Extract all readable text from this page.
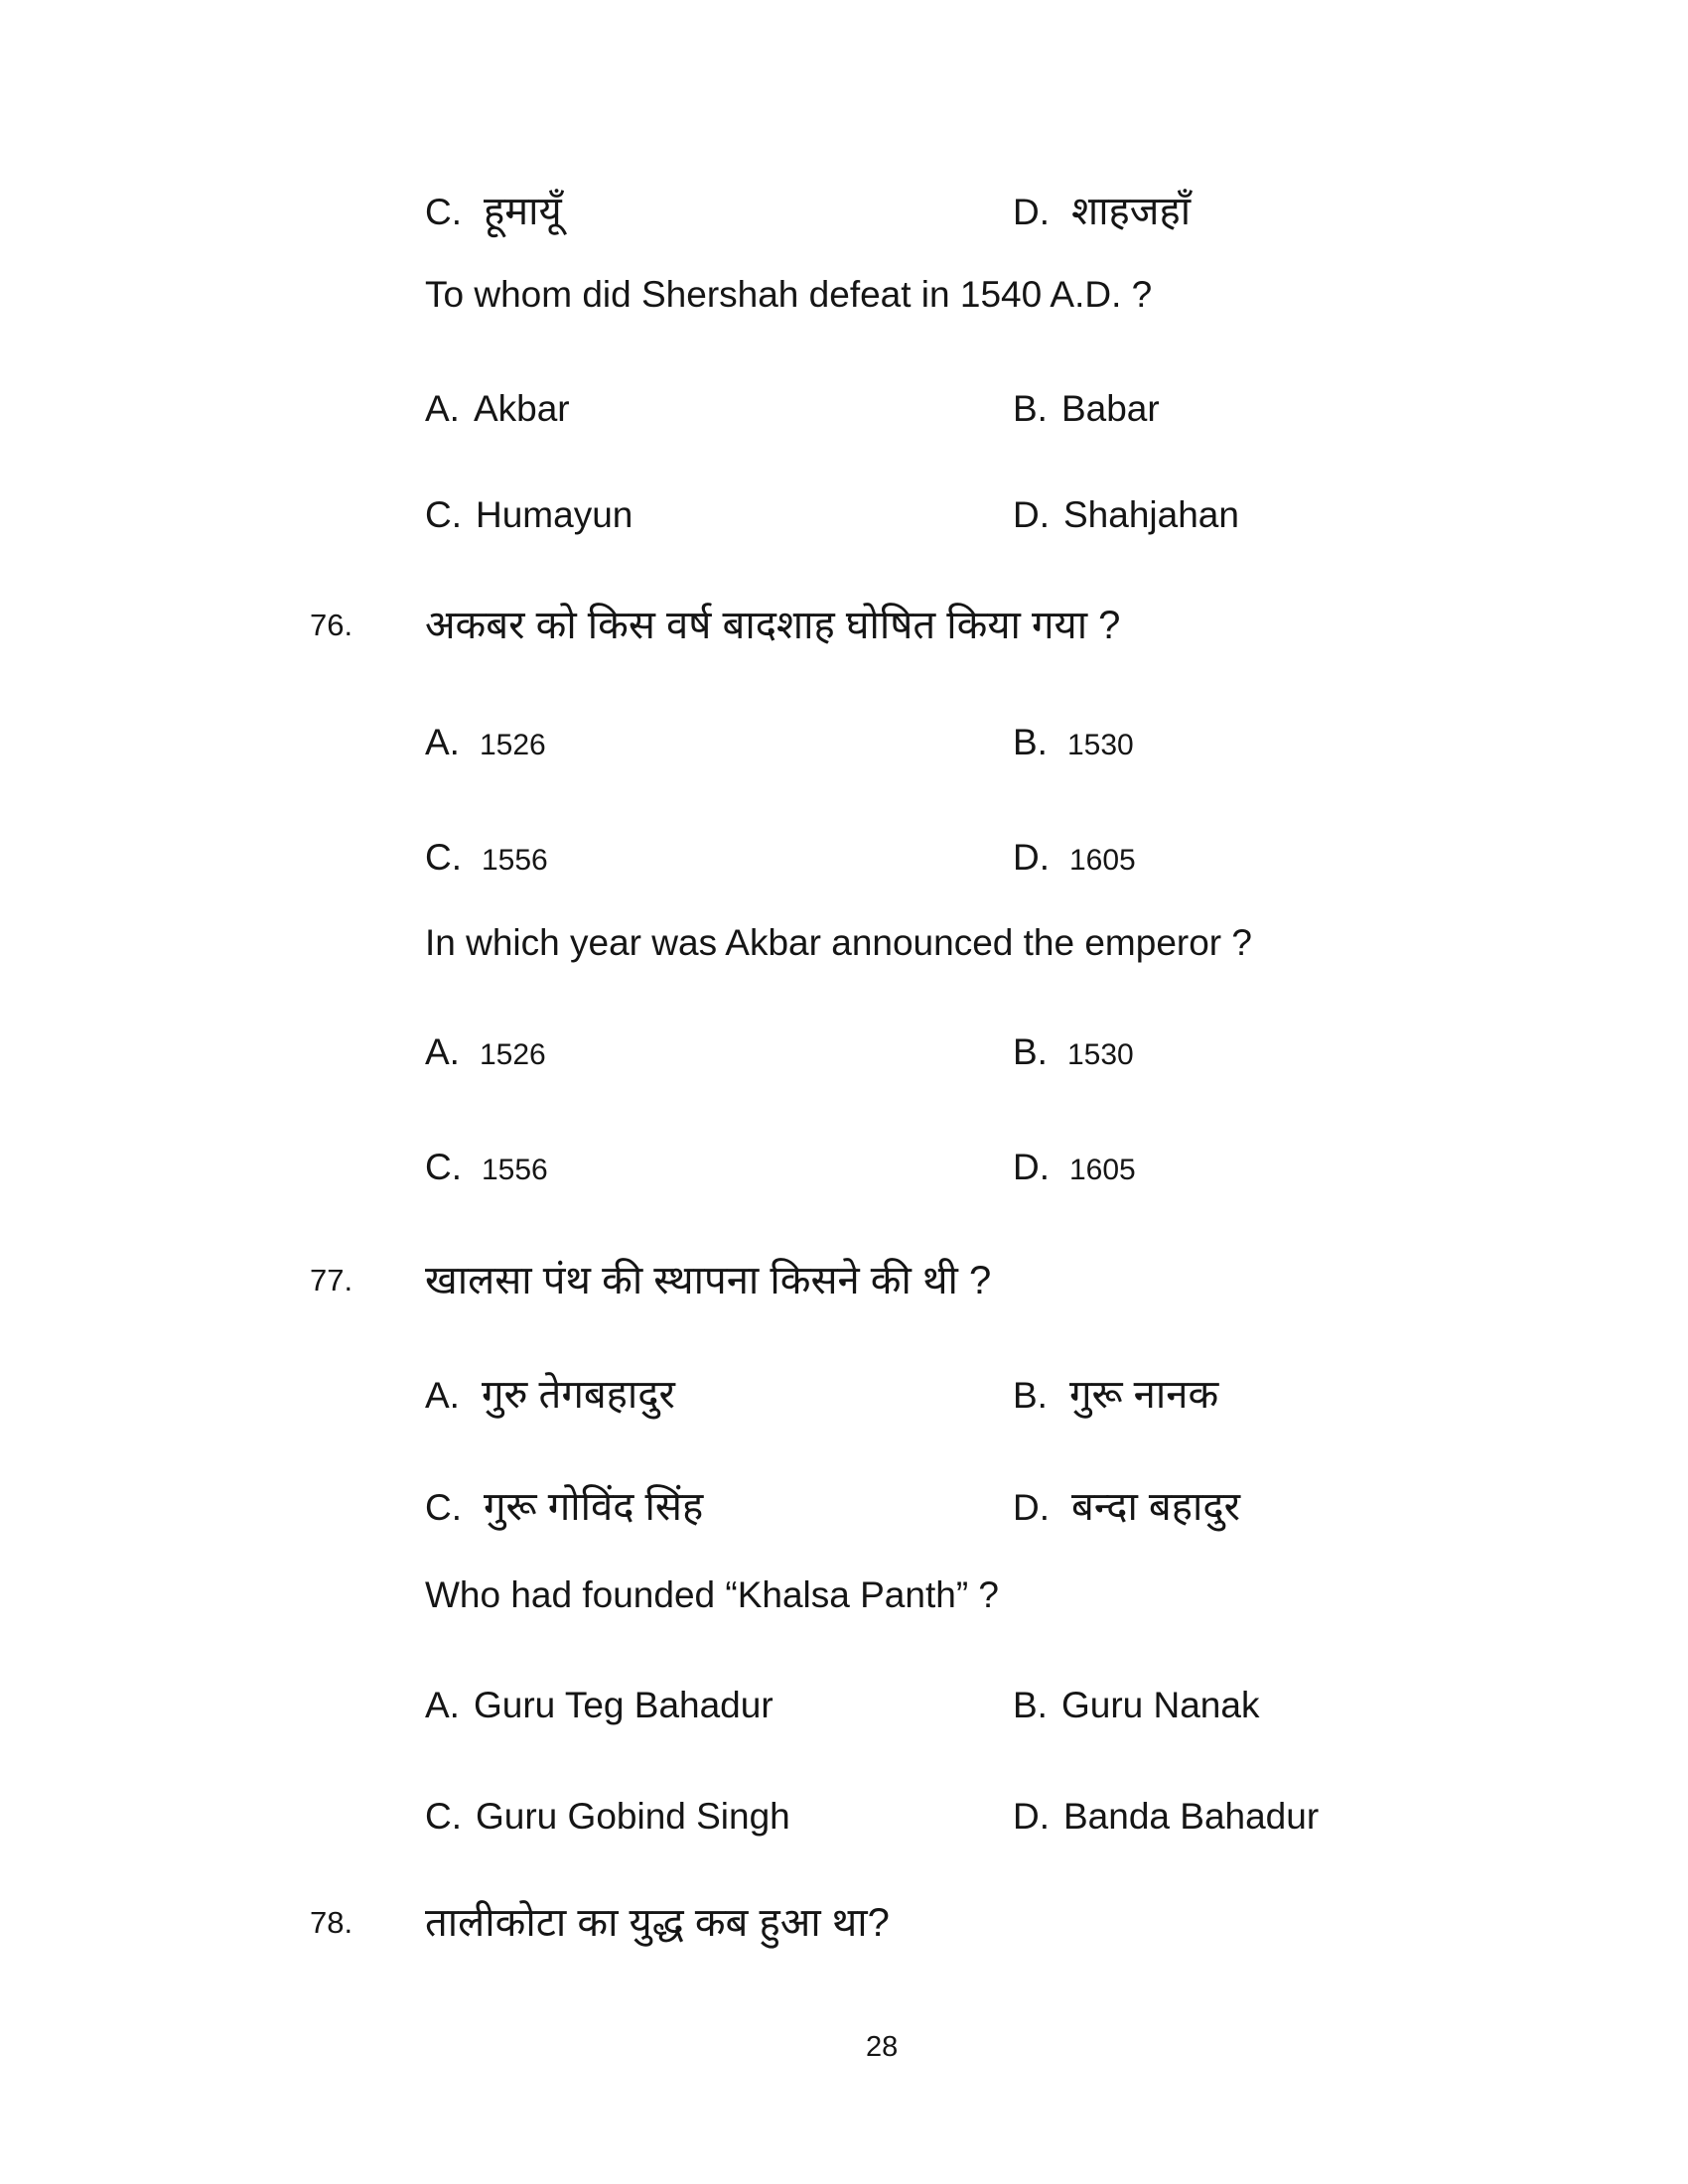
C. हूमायूँ	D. शाहजहाँ
To whom did Shershah defeat in 1540 A.D. ?
A. Akbar	B. Babar
C. Humayun	D. Shahjahan
76. अकबर को किस वर्ष बादशाह घोषित किया गया ?
A. 1526	B. 1530
C. 1556	D. 1605
In which year was Akbar announced the emperor ?
A. 1526	B. 1530
C. 1556	D. 1605
77. खालसा पंथ की स्थापना किसने की थी ?
A. गुरु तेगबहादुर	B. गुरू नानक
C. गुरू गोविंद सिंह	D. बन्दा बहादुर
Who had founded “Khalsa Panth” ?
A. Guru Teg Bahadur	B. Guru Nanak
C. Guru Gobind Singh	D. Banda Bahadur
78. तालीकोटा का युद्ध कब हुआ था?
28
